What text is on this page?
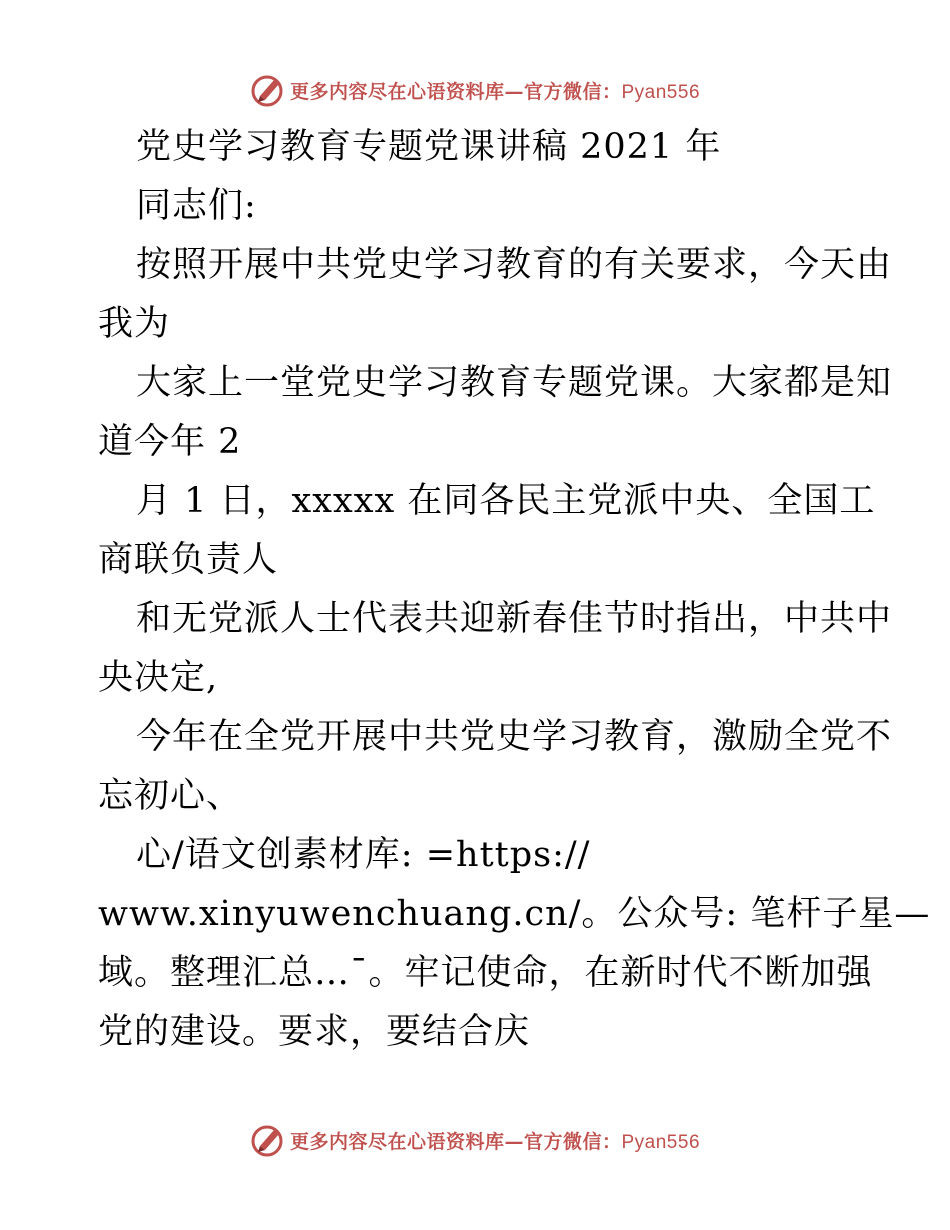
更多内容尽在心语资料库—官方微信：Pyan556
党史学习教育专题党课讲稿 2021 年
同志们:
按照开展中共党史学习教育的有关要求，今天由
我为
大家上一堂党史学习教育专题党课。大家都是知
道今年 2
月 1 日，xxxxx 在同各民主党派中央、全国工
商联负责人
和无党派人士代表共迎新春佳节时指出，中共中
央决定,
今年在全党开展中共党史学习教育，激励全党不
忘初心、
心/语文创素材库: =https://
www.xinyuwenchuang.cn/。公众号: 笔杆子星—
域。整理汇总…¯。牢记使命，在新时代不断加强
党的建设。要求，要结合庆
更多内容尽在心语资料库—官方微信：Pyan556
